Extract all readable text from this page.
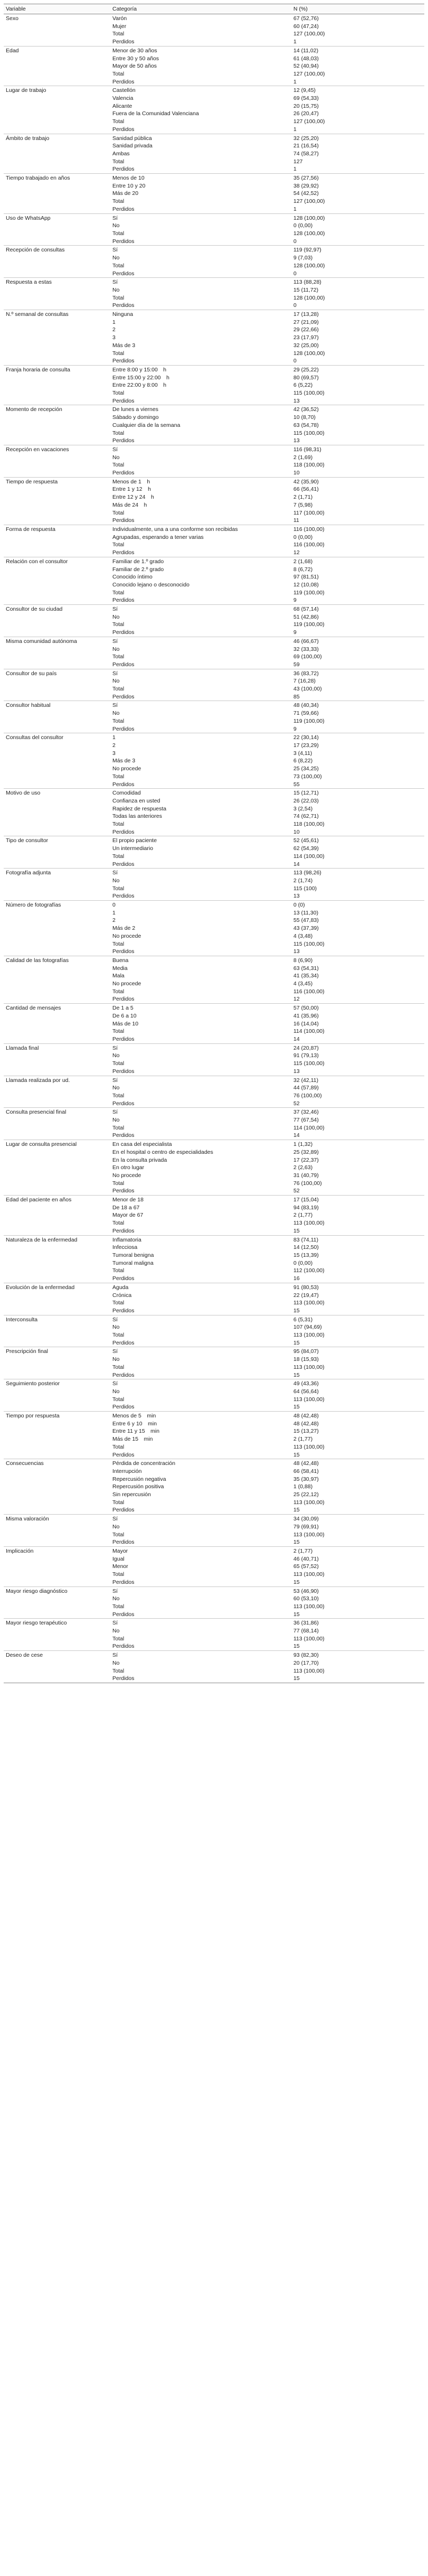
Variable	Categoría	N (%)
Sexo	Varón	67 (52,76)
	Mujer	60 (47,24)
	Total	127 (100,00)
	Perdidos	1
Edad	Menor de 30 años	14 (11,02)
	Entre 30 y 50 años	61 (48,03)
	Mayor de 50 años	52 (40,94)
	Total	127 (100,00)
	Perdidos	1
Lugar de trabajo	Castellón	12 (9,45)
	Valencia	69 (54,33)
	Alicante	20 (15,75)
	Fuera de la Comunidad Valenciana	26 (20,47)
	Total	127 (100,00)
	Perdidos	1
Ámbito de trabajo	Sanidad pública	32 (25,20)
	Sanidad privada	21 (16,54)
	Ambas	74 (58,27)
	Total	127
	Perdidos	1
Tiempo trabajado en años	Menos de 10	35 (27,56)
	Entre 10 y 20	38 (29,92)
	Más de 20	54 (42,52)
	Total	127 (100,00)
	Perdidos	1
Uso de WhatsApp	Sí	128 (100,00)
	No	0 (0,00)
	Total	128 (100,00)
	Perdidos	0
Recepción de consultas	Sí	119 (92,97)
	No	9 (7,03)
	Total	128 (100,00)
	Perdidos	0
Respuesta a estas	Sí	113 (88,28)
	No	15 (11,72)
	Total	128 (100,00)
	Perdidos	0
N.º semanal de consultas	Ninguna	17 (13,28)
	1	27 (21,09)
	2	29 (22,66)
	3	23 (17,97)
	Más de 3	32 (25,00)
	Total	128 (100,00)
	Perdidos	0
Franja horaria de consulta	Entre 8:00 y 15:00 h	29 (25,22)
	Entre 15:00 y 22:00 h	80 (69,57)
	Entre 22:00 y 8:00 h	6 (5,22)
	Total	115 (100,00)
	Perdidos	13
Momento de recepción	De lunes a viernes	42 (36,52)
	Sábado y domingo	10 (8,70)
	Cualquier día de la semana	63 (54,78)
	Total	115 (100,00)
	Perdidos	13
Recepción en vacaciones	Sí	116 (98,31)
	No	2 (1,69)
	Total	118 (100,00)
	Perdidos	10
Tiempo de respuesta	Menos de 1 h	42 (35,90)
	Entre 1 y 12 h	66 (56,41)
	Entre 12 y 24 h	2 (1,71)
	Más de 24 h	7 (5,98)
	Total	117 (100,00)
	Perdidos	11
Forma de respuesta	Individualmente, una a una conforme son recibidas	116 (100,00)
	Agrupadas, esperando a tener varias	0 (0,00)
	Total	116 (100,00)
	Perdidos	12
Relación con el consultor	Familiar de 1.º grado	2 (1,68)
	Familiar de 2.º grado	8 (6,72)
	Conocido íntimo	97 (81,51)
	Conocido lejano o desconocido	12 (10,08)
	Total	119 (100,00)
	Perdidos	9
Consultor de su ciudad	Sí	68 (57,14)
	No	51 (42,86)
	Total	119 (100,00)
	Perdidos	9
Misma comunidad autónoma	Sí	46 (66,67)
	No	32 (33,33)
	Total	69 (100,00)
	Perdidos	59
Consultor de su país	Sí	36 (83,72)
	No	7 (16,28)
	Total	43 (100,00)
	Perdidos	85
Consultor habitual	Sí	48 (40,34)
	No	71 (59,66)
	Total	119 (100,00)
	Perdidos	9
Consultas del consultor	1	22 (30,14)
	2	17 (23,29)
	3	3 (4,11)
	Más de 3	6 (8,22)
	No procede	25 (34,25)
	Total	73 (100,00)
	Perdidos	55
Motivo de uso	Comodidad	15 (12,71)
	Confianza en usted	26 (22,03)
	Rapidez de respuesta	3 (2,54)
	Todas las anteriores	74 (62,71)
	Total	118 (100,00)
	Perdidos	10
Tipo de consultor	El propio paciente	52 (45,61)
	Un intermediario	62 (54,39)
	Total	114 (100,00)
	Perdidos	14
Fotografía adjunta	Sí	113 (98,26)
	No	2 (1,74)
	Total	115 (100)
	Perdidos	13
Número de fotografías	0	0 (0)
	1	13 (11,30)
	2	55 (47,83)
	Más de 2	43 (37,39)
	No procede	4 (3,48)
	Total	115 (100,00)
	Perdidos	13
Calidad de las fotografías	Buena	8 (6,90)
	Media	63 (54,31)
	Mala	41 (35,34)
	No procede	4 (3,45)
	Total	116 (100,00)
	Perdidos	12
Cantidad de mensajes	De 1 a 5	57 (50,00)
	De 6 a 10	41 (35,96)
	Más de 10	16 (14,04)
	Total	114 (100,00)
	Perdidos	14
Llamada final	Sí	24 (20,87)
	No	91 (79,13)
	Total	115 (100,00)
	Perdidos	13
Llamada realizada por ud.	Sí	32 (42,11)
	No	44 (57,89)
	Total	76 (100,00)
	Perdidos	52
Consulta presencial final	Sí	37 (32,46)
	No	77 (67,54)
	Total	114 (100,00)
	Perdidos	14
Lugar de consulta presencial	En casa del especialista	1 (1,32)
	En el hospital o centro de especialidades	25 (32,89)
	En la consulta privada	17 (22,37)
	En otro lugar	2 (2,63)
	No procede	31 (40,79)
	Total	76 (100,00)
	Perdidos	52
Edad del paciente en años	Menor de 18	17 (15,04)
	De 18 a 67	94 (83,19)
	Mayor de 67	2 (1,77)
	Total	113 (100,00)
	Perdidos	15
Naturaleza de la enfermedad	Inflamatoria	83 (74,11)
	Infecciosa	14 (12,50)
	Tumoral benigna	15 (13,39)
	Tumoral maligna	0 (0,00)
	Total	112 (100,00)
	Perdidos	16
Evolución de la enfermedad	Aguda	91 (80,53)
	Crónica	22 (19,47)
	Total	113 (100,00)
	Perdidos	15
Interconsulta	Sí	6 (5,31)
	No	107 (94,69)
	Total	113 (100,00)
	Perdidos	15
Prescripción final	Sí	95 (84,07)
	No	18 (15,93)
	Total	113 (100,00)
	Perdidos	15
Seguimiento posterior	Sí	49 (43,36)
	No	64 (56,64)
	Total	113 (100,00)
	Perdidos	15
Tiempo por respuesta	Menos de 5 min	48 (42,48)
	Entre 6 y 10 min	48 (42,48)
	Entre 11 y 15 min	15 (13,27)
	Más de 15 min	2 (1,77)
	Total	113 (100,00)
	Perdidos	15
Consecuencias	Pérdida de concentración	48 (42,48)
	Interrupción	66 (58,41)
	Repercusión negativa	35 (30,97)
	Repercusión positiva	1 (0,88)
	Sin repercusión	25 (22,12)
	Total	113 (100,00)
	Perdidos	15
Misma valoración	Sí	34 (30,09)
	No	79 (69,91)
	Total	113 (100,00)
	Perdidos	15
Implicación	Mayor	2 (1,77)
	Igual	46 (40,71)
	Menor	65 (57,52)
	Total	113 (100,00)
	Perdidos	15
Mayor riesgo diagnóstico	Sí	53 (46,90)
	No	60 (53,10)
	Total	113 (100,00)
	Perdidos	15
Mayor riesgo terapéutico	Sí	36 (31,86)
	No	77 (68,14)
	Total	113 (100,00)
	Perdidos	15
Deseo de cese	Sí	93 (82,30)
	No	20 (17,70)
	Total	113 (100,00)
	Perdidos	15
